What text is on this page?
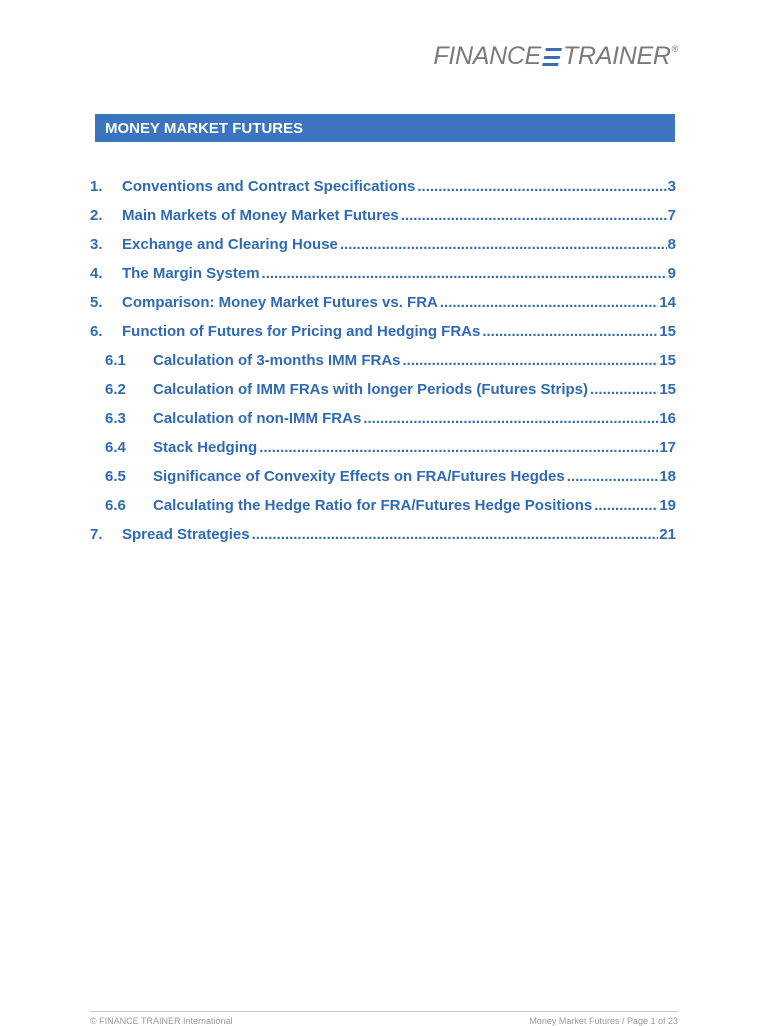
FINANCE TRAINER®
MONEY MARKET FUTURES
1.	Conventions and Contract Specifications .....	3
2.	Main Markets of Money Market Futures .....	7
3.	Exchange and Clearing House .....	8
4.	The Margin System .....	9
5.	Comparison: Money Market Futures vs. FRA .....	14
6.	Function of Futures for Pricing and Hedging FRAs .....	15
6.1	Calculation of 3-months IMM FRAs .....	15
6.2	Calculation of IMM FRAs with longer Periods (Futures Strips) .....	15
6.3	Calculation of non-IMM FRAs .....	16
6.4	Stack Hedging .....	17
6.5	Significance of Convexity Effects on FRA/Futures Hegdes .....	18
6.6	Calculating the Hedge Ratio for FRA/Futures Hedge Positions .....	19
7.	Spread Strategies .....	21
© FINANCE TRAINER International	Money Market Futures / Page 1 of 23
